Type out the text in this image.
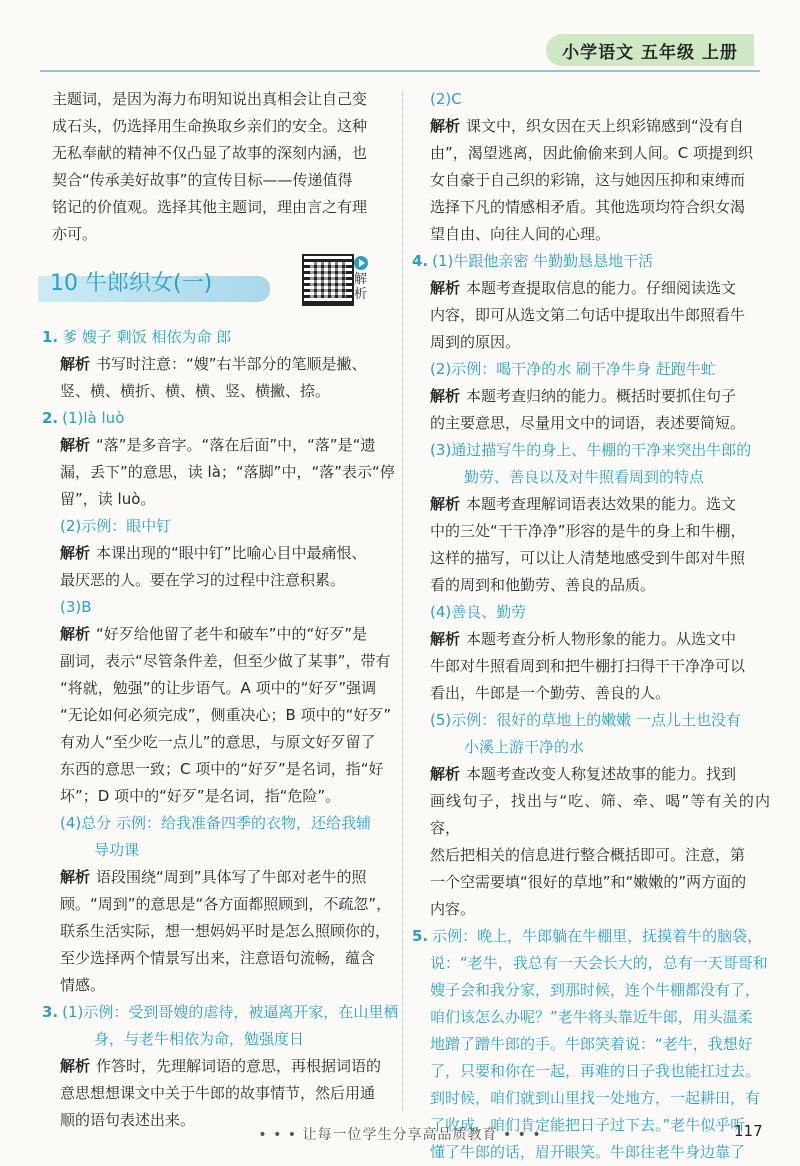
小学语文 五年级 上册

主题词，是因为海力布明知说出真相会让自己变

成石头，仍选择用生命换取乡亲们的安全。这种

无私奉献的精神不仅凸显了故事的深刻内涵，也

契合“传承美好故事”的宣传目标——传递值得

铭记的价值观。选择其他主题词，理由言之有理

亦可。

10 牛郎织女(一)	解析

1. 爹 嫂子 剩饭 相依为命 郎

解析 书写时注意：“嫂”右半部分的笔顺是撇、

竖、横、横折、横、横、竖、横撇、捺。

2. (1)là luò

解析 “落”是多音字。“落在后面”中，“落”是“遗

漏，丢下”的意思，读 là；“落脚”中，“落”表示“停

留”，读 luò。

(2)示例：眼中钉

解析 本课出现的“眼中钉”比喻心目中最痛恨、

最厌恶的人。要在学习的过程中注意积累。

(3)B

解析 “好歹给他留了老牛和破车”中的“好歹”是

副词，表示“尽管条件差，但至少做了某事”，带有

“将就，勉强”的让步语气。A 项中的“好歹”强调

“无论如何必须完成”，侧重决心；B 项中的“好歹”

有劝人“至少吃一点儿”的意思，与原文好歹留了

东西的意思一致；C 项中的“好歹”是名词，指“好

坏”；D 项中的“好歹”是名词，指“危险”。

(4)总分 示例：给我准备四季的衣物，还给我辅

导功课

解析 语段围绕“周到”具体写了牛郎对老牛的照

顾。“周到”的意思是“各方面都照顾到，不疏忽”，

联系生活实际，想一想妈妈平时是怎么照顾你的，

至少选择两个情景写出来，注意语句流畅，蕴含

情感。

3. (1)示例：受到哥嫂的虐待，被逼离开家，在山里栖

身，与老牛相依为命，勉强度日

解析 作答时，先理解词语的意思，再根据词语的

意思想想课文中关于牛郎的故事情节，然后用通

顺的语句表述出来。

(2)C

解析 课文中，织女因在天上织彩锦感到“没有自

由”，渴望逃离，因此偷偷来到人间。C 项提到织

女自豪于自己织的彩锦，这与她因压抑和束缚而

选择下凡的情感相矛盾。其他选项均符合织女渴

望自由、向往人间的心理。

4. (1)牛跟他亲密 牛勤勤恳恳地干活

解析 本题考查提取信息的能力。仔细阅读选文

内容，即可从选文第二句话中提取出牛郎照看牛

周到的原因。

(2)示例：喝干净的水 刷干净牛身 赶跑牛虻

解析 本题考查归纳的能力。概括时要抓住句子

的主要意思，尽量用文中的词语，表述要简短。

(3)通过描写牛的身上、牛棚的干净来突出牛郎的

勤劳、善良以及对牛照看周到的特点

解析 本题考查理解词语表达效果的能力。选文

中的三处“干干净净”形容的是牛的身上和牛棚，

这样的描写，可以让人清楚地感受到牛郎对牛照

看的周到和他勤劳、善良的品质。

(4)善良、勤劳

解析 本题考查分析人物形象的能力。从选文中

牛郎对牛照看周到和把牛棚打扫得干干净净可以

看出，牛郎是一个勤劳、善良的人。

(5)示例：很好的草地上的嫩嫩 一点儿土也没有

小溪上游干净的水

解析 本题考查改变人称复述故事的能力。找到

画线句子，找出与“吃、筛、牵、喝”等有关的内容，

然后把相关的信息进行整合概括即可。注意，第

一个空需要填“很好的草地”和“嫩嫩的”两方面的

内容。

5. 示例：晚上，牛郎躺在牛棚里，抚摸着牛的脑袋，

说：“老牛，我总有一天会长大的，总有一天哥哥和

嫂子会和我分家，到那时候，连个牛棚都没有了，

咱们该怎么办呢？”老牛将头靠近牛郎，用头温柔

地蹭了蹭牛郎的手。牛郎笑着说：“老牛，我想好

了，只要和你在一起，再难的日子我也能扛过去。

到时候，咱们就到山里找一处地方，一起耕田，有

了收成，咱们肯定能把日子过下去。”老牛似乎听

懂了牛郎的话，眉开眼笑。牛郎往老牛身边靠了

• • • 让每一位学生分享高品质教育 • • •	117
